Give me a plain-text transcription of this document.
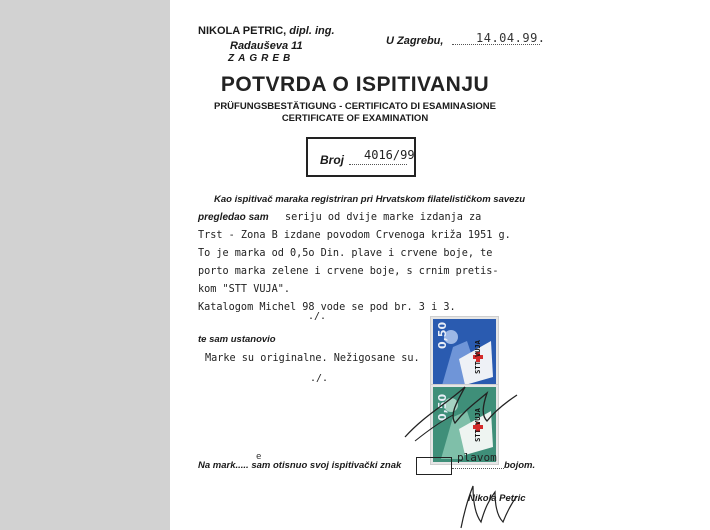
NIKOLA PETRIC, dipl. ing.
Radauševa 11
ZAGREB
U Zagrebu,	14.04.99.
POTVRDA O ISPITIVANJU
PRÜFUNGSBESTÄTIGUNG - CERTIFICATO DI ESAMINASIONE
CERTIFICATE OF EXAMINATION
Broj 4016/99
Kao ispitivač maraka registriran pri Hrvatskom filatelističkom savezu
pregledao sam seriju od dvije marke izdanja za
Trst - Zona B izdane povodom Crvenoga križa 1951 g.
To je marka od 0,5o Din. plave i crvene boje, te
porto marka zelene i crvene boje, s crnim pretis-
kom "STT VUJA".
Katalogom Michel 98 vode se pod br. 3 i 3.
./.
te sam ustanovio
Marke su originalne. Nežigosane su.
./.
0,50
STT VUJA
0,50
STT VUJA
Na mark..... sam otisnuo svoj ispitivački znak
e	plavom
bojom.
Nikola Petric
